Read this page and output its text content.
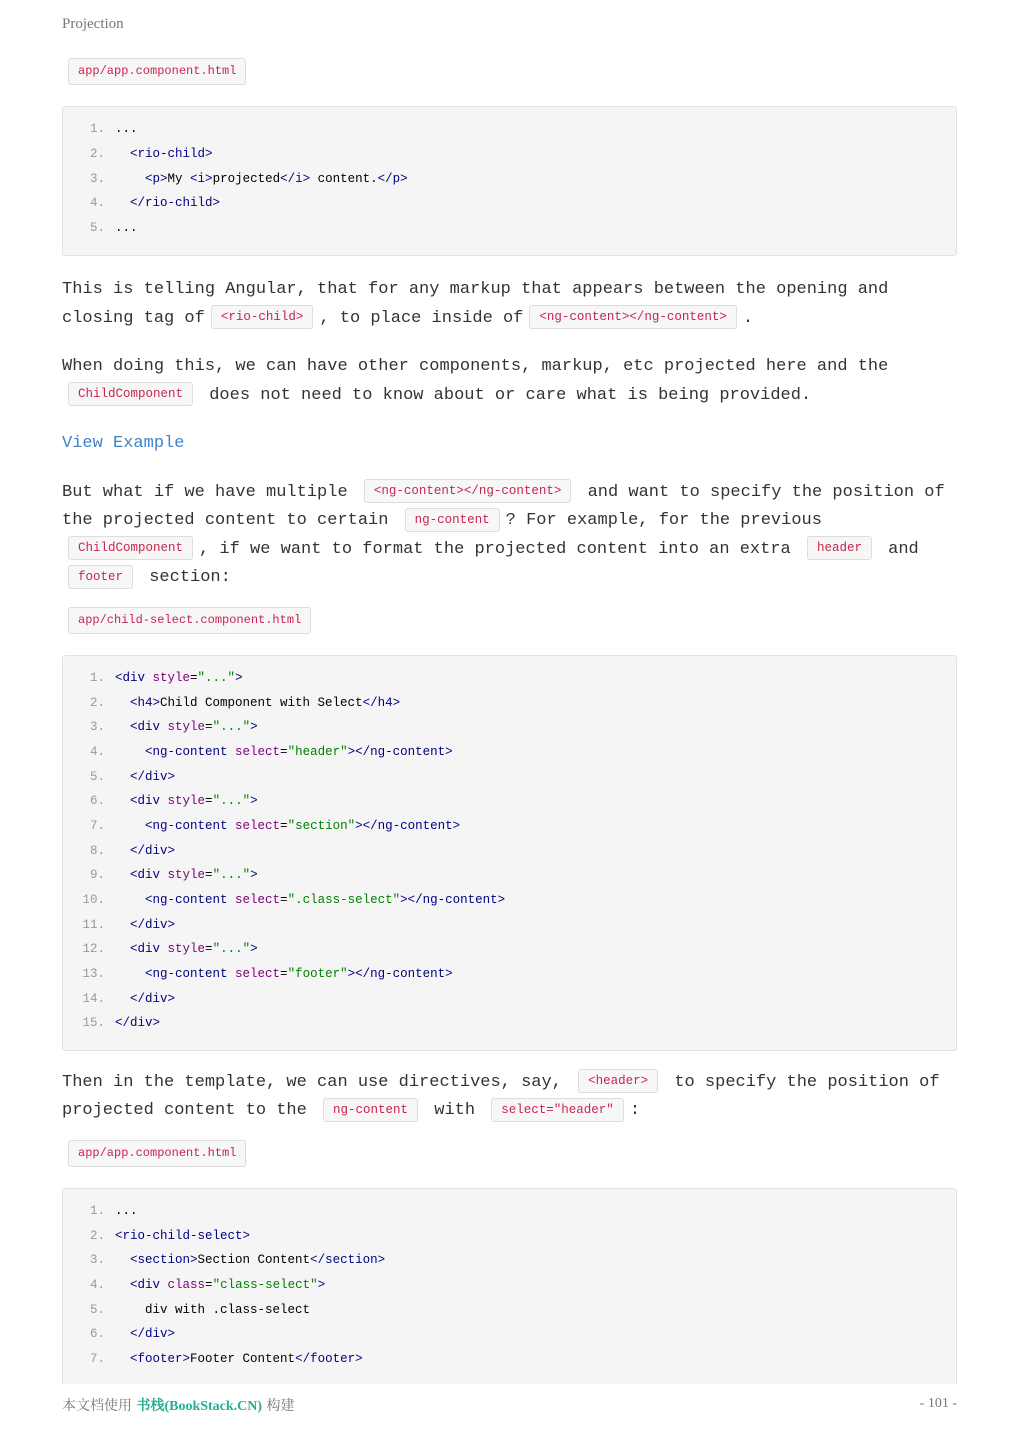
Projection
app/app.component.html
1. ...
2.	<rio-child>
3.	<p>My <i>projected</i> content.</p>
4.	</rio-child>
5. ...

This is telling Angular, that for any markup that appears between the opening and closing tag of <rio-child> , to place inside of <ng-content></ng-content> .

When doing this, we can have other components, markup, etc projected here and the ChildComponent does not need to know about or care what is being provided.

View Example

But what if we have multiple <ng-content></ng-content> and want to specify the position of the projected content to certain ng-content ? For example, for the previous ChildComponent , if we want to format the projected content into an extra header and footer section:

app/child-select.component.html
1. <div style="...">
2.	<h4>Child Component with Select</h4>
3.	<div style="...">
4.	<ng-content select="header"></ng-content>
5.	</div>
6.	<div style="...">
7.	<ng-content select="section"></ng-content>
8.	</div>
9.	<div style="...">
10.	<ng-content select=".class-select"></ng-content>
11.	</div>
12.	<div style="...">
13.	<ng-content select="footer"></ng-content>
14.	</div>
15. </div>

Then in the template, we can use directives, say, <header> to specify the position of projected content to the ng-content with select="header" :

app/app.component.html
1. ...
2. <rio-child-select>
3.	<section>Section Content</section>
4.	<div class="class-select">
5. div with .class-select
6.	</div>
7.	<footer>Footer Content</footer>
本文档使用 书栈(BookStack.CN) 构建	- 101 -
